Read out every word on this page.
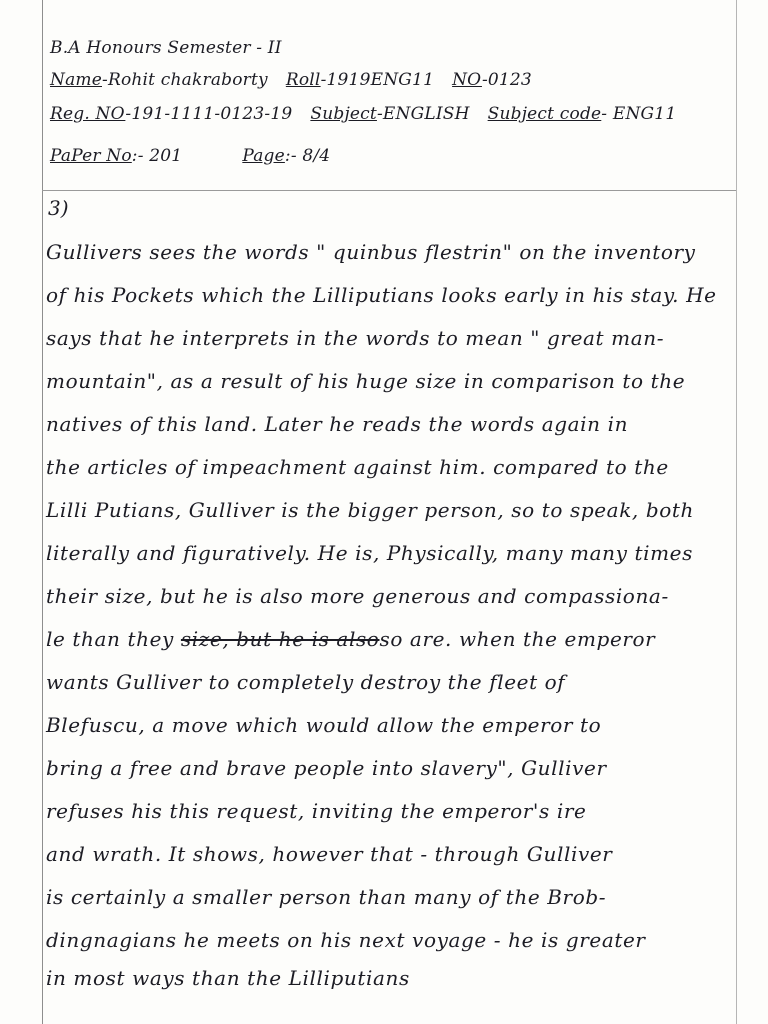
B.A Honours Semester - II
Name-Rohit chakraborty Roll-1919ENG11 NO-0123
Reg. NO-191-1111-0123-19 Subject-ENGLISH Subject code- ENG11
PaPer No:- 201	Page:- 8/4
3)
Gullivers sees the words " quinbus flestrin" on the inventory
of his Pockets which the Lilliputians looks early in his stay. He
says that he interprets in the words to mean " great man-
mountain", as a result of his huge size in comparison to the
natives of this land. Later he reads the words again in
the articles of impeachment against him. compared to the
Lilli Putians, Gulliver is the bigger person, so to speak, both
literally and figuratively. He is, Physically, many many times
their size, but he is also more generous and compassiona-
le than they size, but he is alsoso are. when the emperor
wants Gulliver to completely destroy the fleet of
Blefuscu, a move which would allow the emperor to
bring a free and brave people into slavery", Gulliver
refuses his this request, inviting the emperor's ire
and wrath. It shows, however that - through Gulliver
is certainly a smaller person than many of the Brob-
dingnagians he meets on his next voyage - he is greater
in most ways than the Lilliputians
